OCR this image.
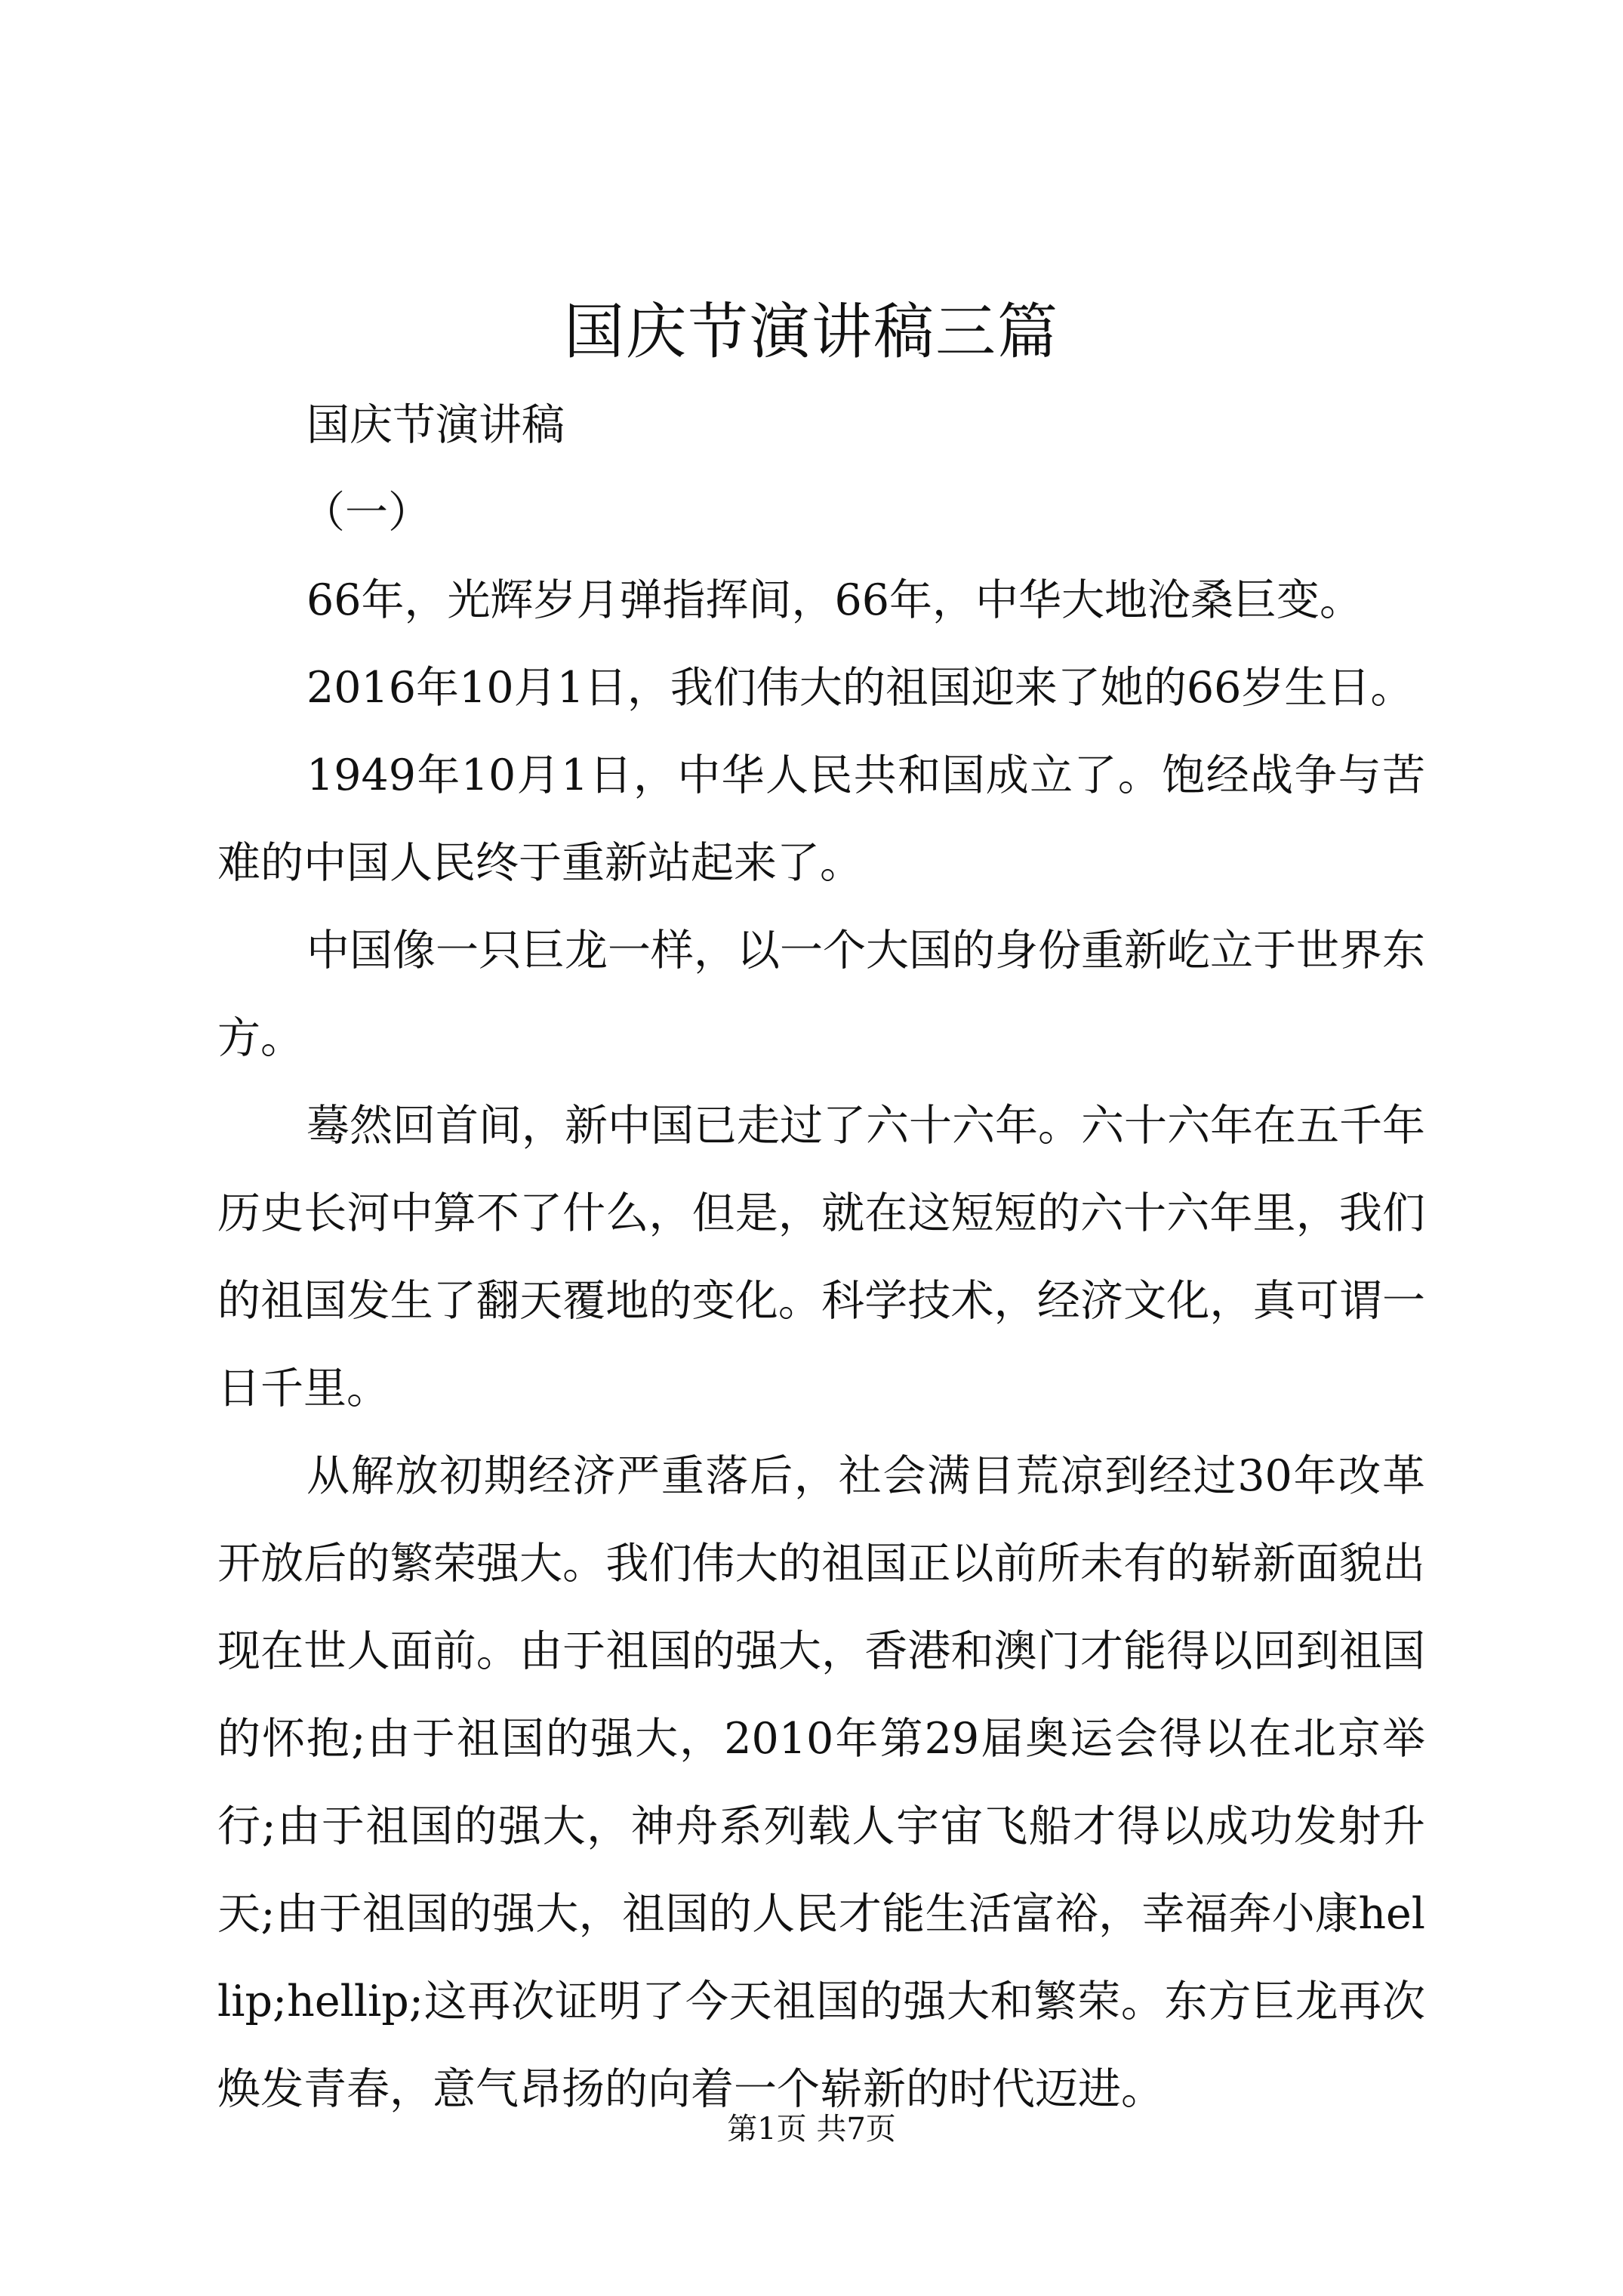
国庆节演讲稿三篇

国庆节演讲稿

（一）

66年，光辉岁月弹指挥间，66年，中华大地沧桑巨变。

2016年10月1日，我们伟大的祖国迎来了她的66岁生日。

1949年10月1日，中华人民共和国成立了。饱经战争与苦难的中国人民终于重新站起来了。

中国像一只巨龙一样，以一个大国的身份重新屹立于世界东方。

蓦然回首间，新中国已走过了六十六年。六十六年在五千年历史长河中算不了什么，但是，就在这短短的六十六年里，我们的祖国发生了翻天覆地的变化。科学技术，经济文化，真可谓一日千里。

从解放初期经济严重落后，社会满目荒凉到经过30年改革开放后的繁荣强大。我们伟大的祖国正以前所未有的崭新面貌出现在世人面前。由于祖国的强大，香港和澳门才能得以回到祖国的怀抱;由于祖国的强大，2010年第29届奥运会得以在北京举行;由于祖国的强大，神舟系列载人宇宙飞船才得以成功发射升天;由于祖国的强大，祖国的人民才能生活富裕，幸福奔小康hellip;hellip;这再次证明了今天祖国的强大和繁荣。东方巨龙再次焕发青春，意气昂扬的向着一个崭新的时代迈进。

第1页 共7页
